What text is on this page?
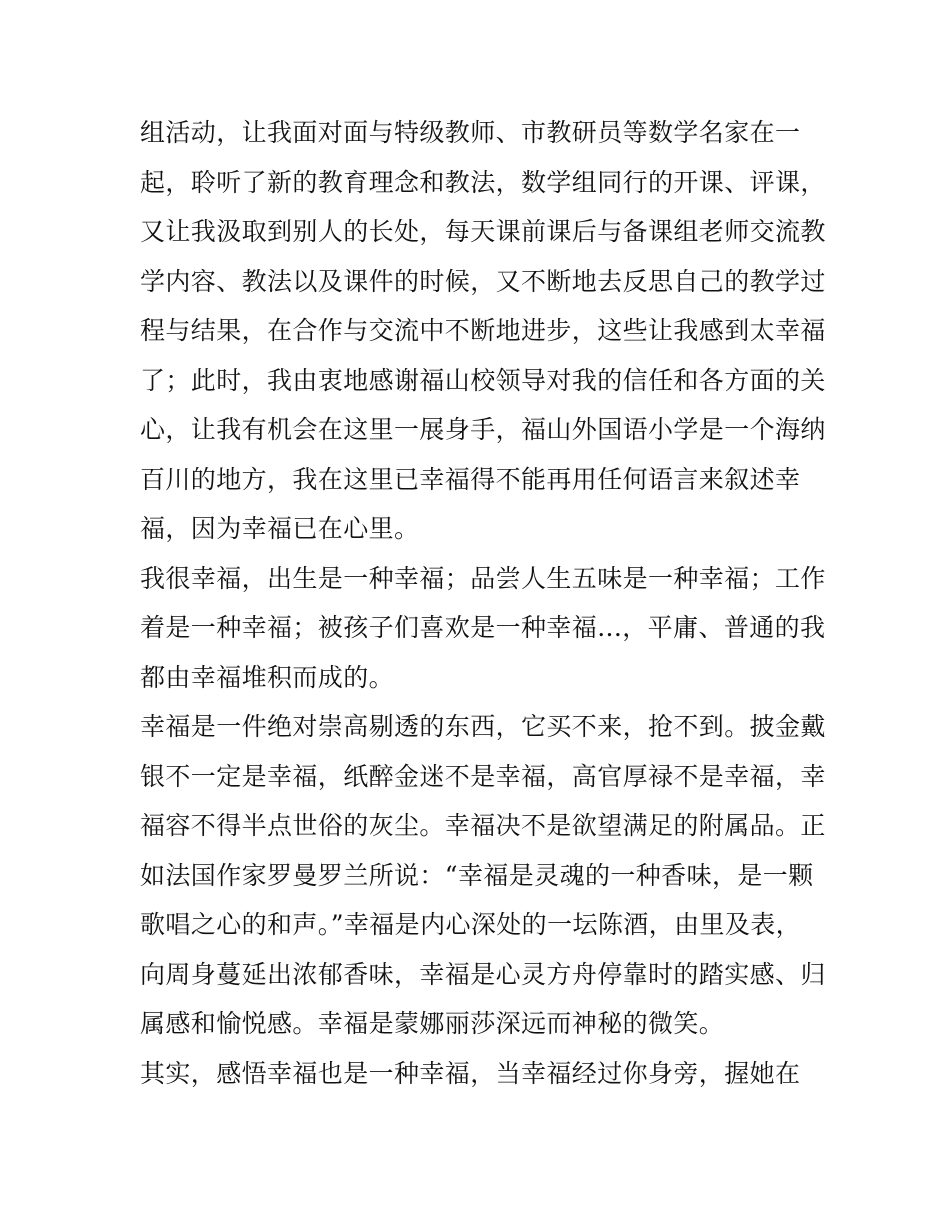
组活动，让我面对面与特级教师、市教研员等数学名家在一
起，聆听了新的教育理念和教法，数学组同行的开课、评课，
又让我汲取到别人的长处，每天课前课后与备课组老师交流教
学内容、教法以及课件的时候，又不断地去反思自己的教学过
程与结果，在合作与交流中不断地进步，这些让我感到太幸福
了；此时，我由衷地感谢福山校领导对我的信任和各方面的关
心，让我有机会在这里一展身手，福山外国语小学是一个海纳
百川的地方，我在这里已幸福得不能再用任何语言来叙述幸
福，因为幸福已在心里。
我很幸福，出生是一种幸福；品尝人生五味是一种幸福；工作
着是一种幸福；被孩子们喜欢是一种幸福...，平庸、普通的我
都由幸福堆积而成的。
幸福是一件绝对崇高剔透的东西，它买不来，抢不到。披金戴
银不一定是幸福，纸醉金迷不是幸福，高官厚禄不是幸福，幸
福容不得半点世俗的灰尘。幸福决不是欲望满足的附属品。正
如法国作家罗曼罗兰所说：“幸福是灵魂的一种香味，是一颗
歌唱之心的和声。”幸福是内心深处的一坛陈酒，由里及表，
向周身蔓延出浓郁香味，幸福是心灵方舟停靠时的踏实感、归
属感和愉悦感。幸福是蒙娜丽莎深远而神秘的微笑。
其实，感悟幸福也是一种幸福，当幸福经过你身旁，握她在
